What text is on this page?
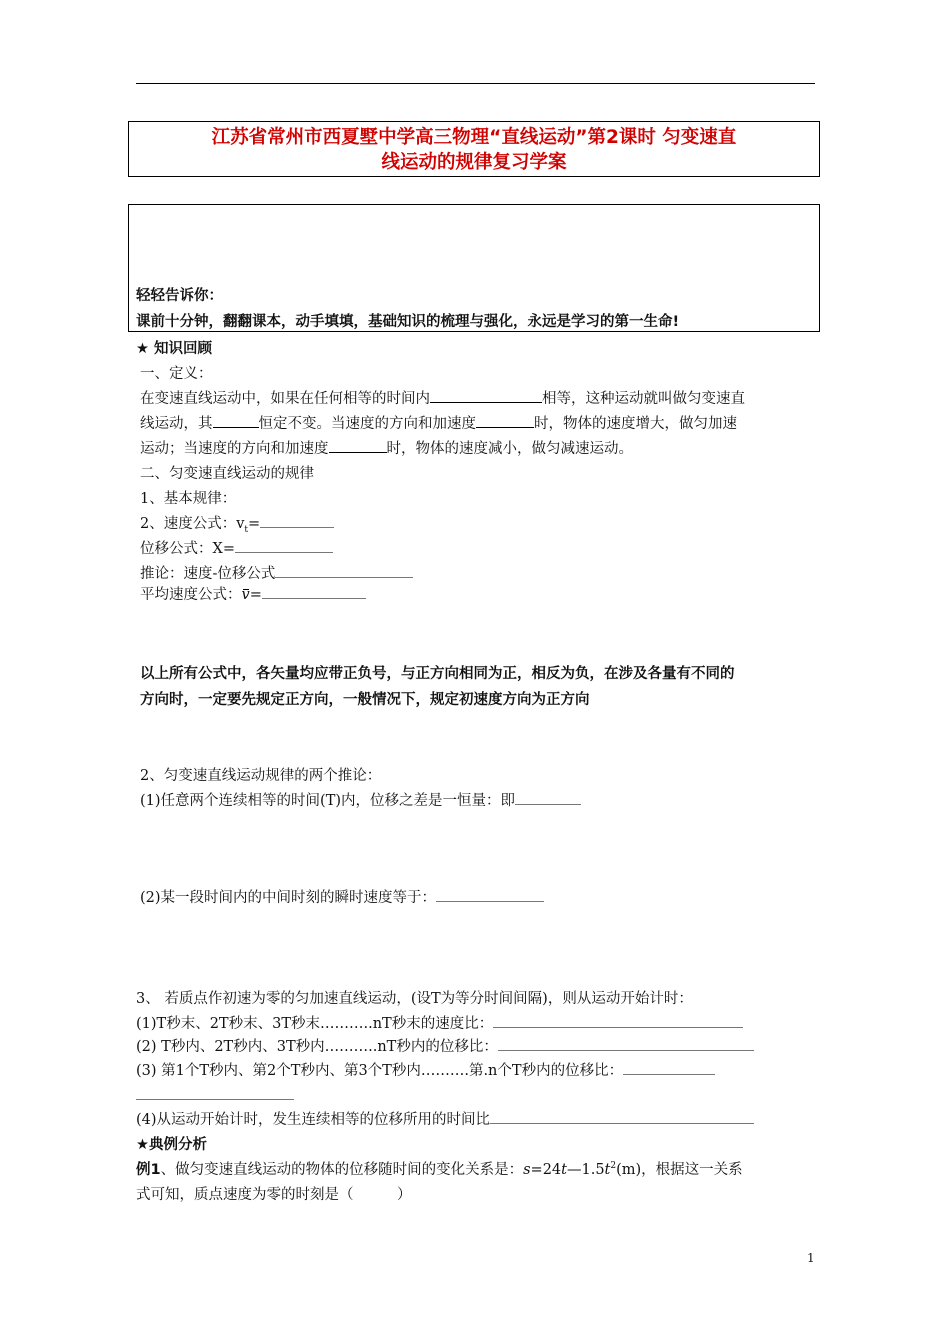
江苏省常州市西夏墅中学高三物理“直线运动”第2课时 匀变速直
线运动的规律复习学案
轻轻告诉你：
课前十分钟，翻翻课本，动手填填，基础知识的梳理与强化，永远是学习的第一生命!
★ 知识回顾
一、定义：
在变速直线运动中，如果在任何相等的时间内	相等，这种运动就叫做匀变速直
线运动，其	恒定不变。当速度的方向和加速度	时，物体的速度增大，做匀加速
运动；当速度的方向和加速度	时，物体的速度减小，做匀减速运动。
二、匀变速直线运动的规律
1、基本规律：
2、速度公式：$v_t=$
位移公式：X=
推论：速度-位移公式
平均速度公式：v=
以上所有公式中，各矢量均应带正负号，与正方向相同为正，相反为负，在涉及各量有不同的
方向时，一定要先规定正方向，一般情况下，规定初速度方向为正方向
2、匀变速直线运动规律的两个推论：
(1)任意两个连续相等的时间(T)内，位移之差是一恒量：即
(2)某一段时间内的中间时刻的瞬时速度等于：
3、 若质点作初速为零的匀加速直线运动，(设T为等分时间间隔)，则从运动开始计时：
(1)T秒末、2T秒末、3T秒末………..nT秒末的速度比：
(2) T秒内、2T秒内、3T秒内………..nT秒内的位移比：
(3) 第1个T秒内、第2个T秒内、第3个T秒内……….第.n个T秒内的位移比：
(4)从运动开始计时，发生连续相等的位移所用的时间比
★典例分析
例1、做匀变速直线运动的物体的位移随时间的变化关系是：$s=24t—1.5t^2(m)$，根据这一关系
式可知，质点速度为零的时刻是（　　　）
1
